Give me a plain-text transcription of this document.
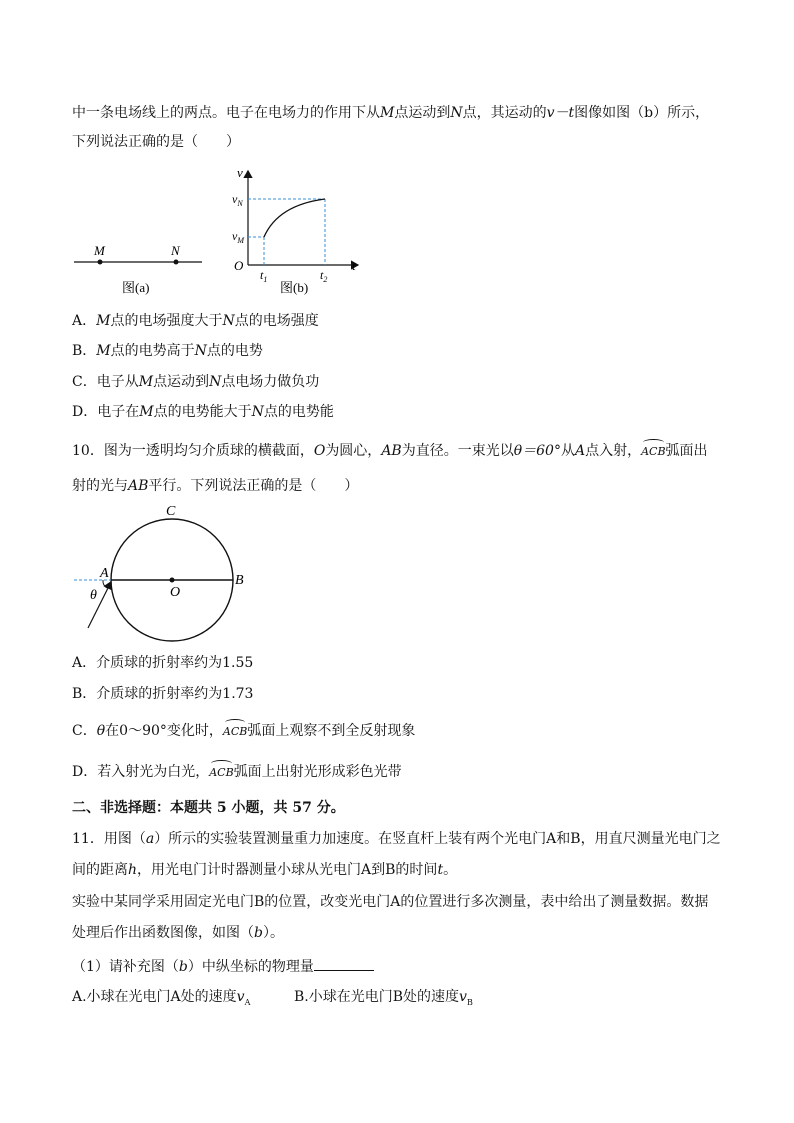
中一条电场线上的两点。电子在电场力的作用下从M点运动到N点，其运动的v－t图像如图（b）所示，
下列说法正确的是（　　）
M	N
图(a)
v
$v_N$
$v_M$
O
$t_1$	$t_2$
t
图(b)
A．M点的电场强度大于N点的电场强度
B．M点的电势高于N点的电势
C．电子从M点运动到N点电场力做负功
D．电子在M点的电势能大于N点的电势能
10．图为一透明均匀介质球的横截面，O为圆心，AB为直径。一束光以θ＝60°从A点入射，ACB弧面出
射的光与AB平行。下列说法正确的是（　　）
C
A
O
B
θ
A．介质球的折射率约为1.55
B．介质球的折射率约为1.73
C．θ在0～90°变化时，ACB弧面上观察不到全反射现象
D．若入射光为白光，ACB弧面上出射光形成彩色光带
二、非选择题：本题共 5 小题，共 57 分。
11．用图（a）所示的实验装置测量重力加速度。在竖直杆上装有两个光电门A和B，用直尺测量光电门之
间的距离h，用光电门计时器测量小球从光电门A到B的时间t。
实验中某同学采用固定光电门B的位置，改变光电门A的位置进行多次测量，表中给出了测量数据。数据
处理后作出函数图像，如图（b）。
（1）请补充图（b）中纵坐标的物理量
A.小球在光电门A处的速度$v_A$	B.小球在光电门B处的速度$v_B$
